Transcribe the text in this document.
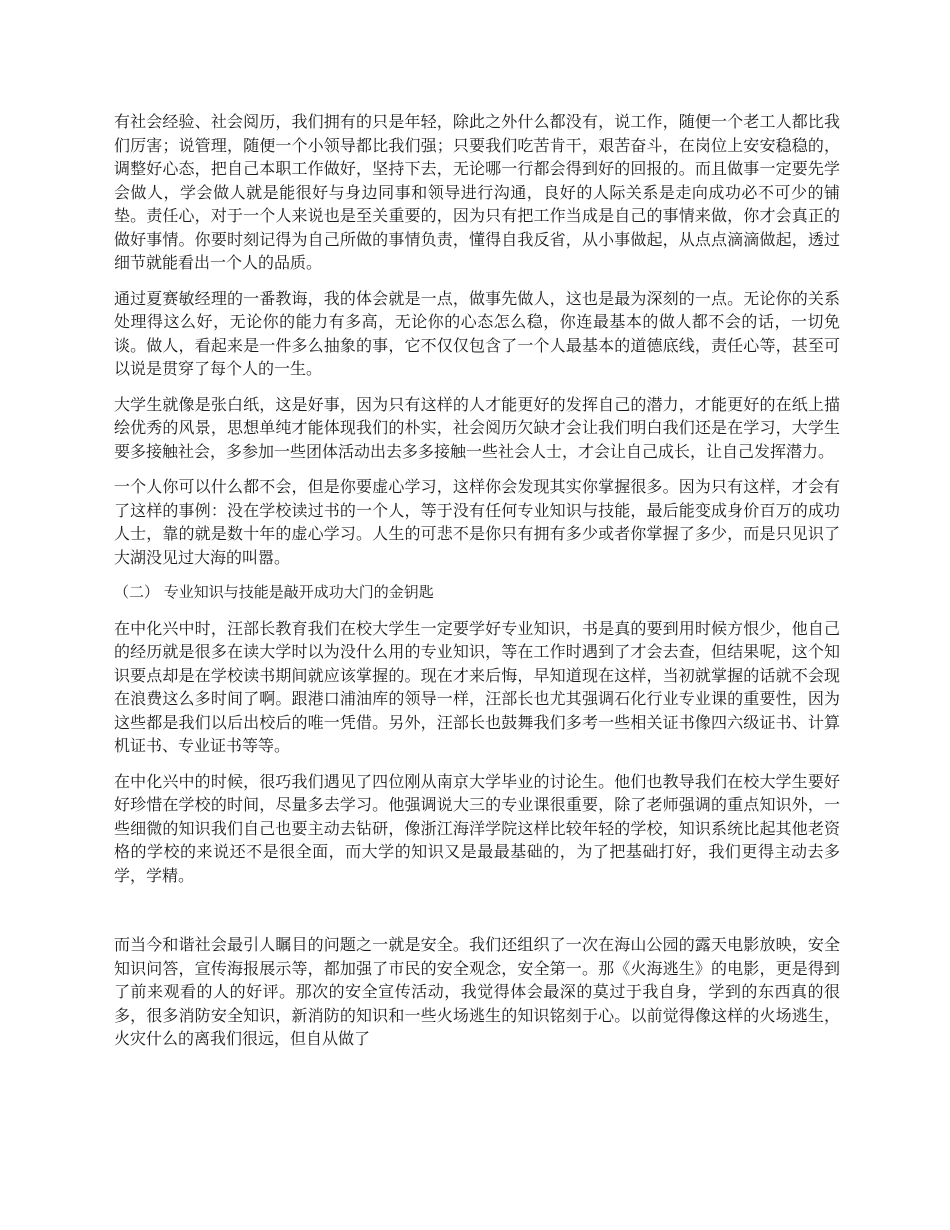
有社会经验、社会阅历，我们拥有的只是年轻，除此之外什么都没有，说工作，随便一个老工人都比我们厉害；说管理，随便一个小领导都比我们强；只要我们吃苦肯干，艰苦奋斗，在岗位上安安稳稳的，调整好心态，把自己本职工作做好，坚持下去，无论哪一行都会得到好的回报的。而且做事一定要先学会做人，学会做人就是能很好与身边同事和领导进行沟通，良好的人际关系是走向成功必不可少的铺垫。责任心，对于一个人来说也是至关重要的，因为只有把工作当成是自己的事情来做，你才会真正的做好事情。你要时刻记得为自己所做的事情负责，懂得自我反省，从小事做起，从点点滴滴做起，透过细节就能看出一个人的品质。

通过夏赛敏经理的一番教诲，我的体会就是一点，做事先做人，这也是最为深刻的一点。无论你的关系处理得这么好，无论你的能力有多高，无论你的心态怎么稳，你连最基本的做人都不会的话，一切免谈。做人，看起来是一件多么抽象的事，它不仅仅包含了一个人最基本的道德底线，责任心等，甚至可以说是贯穿了每个人的一生。

大学生就像是张白纸，这是好事，因为只有这样的人才能更好的发挥自己的潜力，才能更好的在纸上描绘优秀的风景，思想单纯才能体现我们的朴实，社会阅历欠缺才会让我们明白我们还是在学习，大学生要多接触社会，多参加一些团体活动出去多多接触一些社会人士，才会让自己成长，让自己发挥潜力。

一个人你可以什么都不会，但是你要虚心学习，这样你会发现其实你掌握很多。因为只有这样，才会有了这样的事例：没在学校读过书的一个人，等于没有任何专业知识与技能，最后能变成身价百万的成功人士，靠的就是数十年的虚心学习。人生的可悲不是你只有拥有多少或者你掌握了多少，而是只见识了大湖没见过大海的叫嚣。

（二） 专业知识与技能是敲开成功大门的金钥匙

在中化兴中时，汪部长教育我们在校大学生一定要学好专业知识，书是真的要到用时候方恨少，他自己的经历就是很多在读大学时以为没什么用的专业知识，等在工作时遇到了才会去查，但结果呢，这个知识要点却是在学校读书期间就应该掌握的。现在才来后悔，早知道现在这样，当初就掌握的话就不会现在浪费这么多时间了啊。跟港口浦油库的领导一样，汪部长也尤其强调石化行业专业课的重要性，因为这些都是我们以后出校后的唯一凭借。另外，汪部长也鼓舞我们多考一些相关证书像四六级证书、计算机证书、专业证书等等。

在中化兴中的时候，很巧我们遇见了四位刚从南京大学毕业的讨论生。他们也教导我们在校大学生要好好珍惜在学校的时间，尽量多去学习。他强调说大三的专业课很重要，除了老师强调的重点知识外，一些细微的知识我们自己也要主动去钻研，像浙江海洋学院这样比较年轻的学校，知识系统比起其他老资格的学校的来说还不是很全面，而大学的知识又是最最基础的，为了把基础打好，我们更得主动去多学，学精。

而当今和谐社会最引人瞩目的问题之一就是安全。我们还组织了一次在海山公园的露天电影放映，安全知识问答，宣传海报展示等，都加强了市民的安全观念，安全第一。那《火海逃生》的电影，更是得到了前来观看的人的好评。那次的安全宣传活动，我觉得体会最深的莫过于我自身，学到的东西真的很多，很多消防安全知识，新消防的知识和一些火场逃生的知识铭刻于心。以前觉得像这样的火场逃生，火灾什么的离我们很远，但自从做了
